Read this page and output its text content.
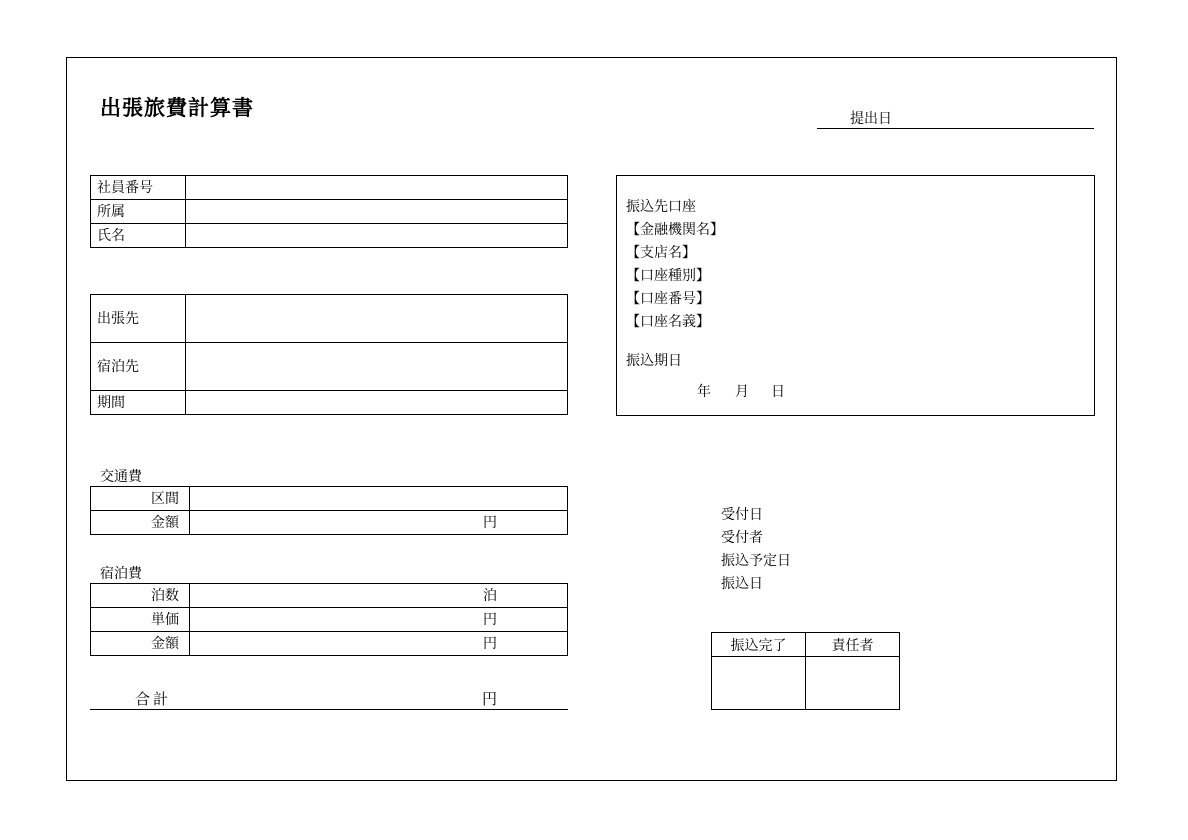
出張旅費計算書	提出日
社員番号	
所属	
氏名	
出張先	
宿泊先	
期間	
交通費
区間	
金額	円
宿泊費
泊数	泊
単価	円
金額	円
合計	円
振込先口座
【金融機関名】
【支店名】
【口座種別】
【口座番号】
【口座名義】
振込期日
年 月 日
受付日
受付者
振込予定日
振込日
振込完了	責任者
